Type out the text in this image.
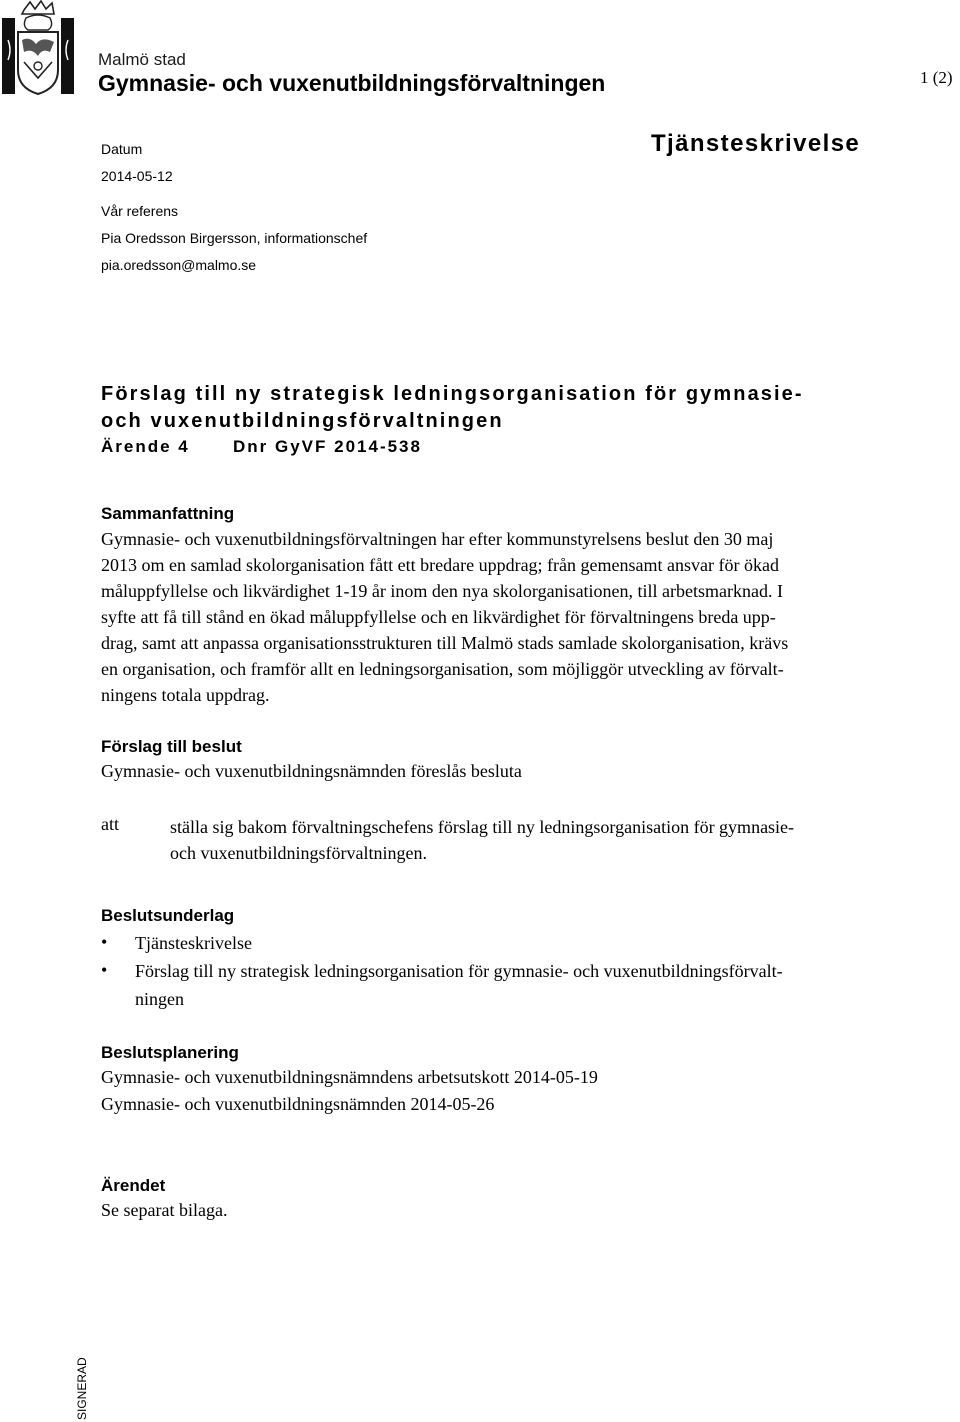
Malmö stad
Gymnasie- och vuxenutbildningsförvaltningen	1 (2)
Tjänsteskrivelse
Datum
2014-05-12
Vår referens
Pia Oredsson Birgersson, informationschef
pia.oredsson@malmo.se
Förslag till ny strategisk ledningsorganisation för gymnasie-
och vuxenutbildningsförvaltningen
Ärende 4	Dnr GyVF 2014-538
Sammanfattning
Gymnasie- och vuxenutbildningsförvaltningen har efter kommunstyrelsens beslut den 30 maj
2013 om en samlad skolorganisation fått ett bredare uppdrag; från gemensamt ansvar för ökad
måluppfyllelse och likvärdighet 1-19 år inom den nya skolorganisationen, till arbetsmarknad. I
syfte att få till stånd en ökad måluppfyllelse och en likvärdighet för förvaltningens breda upp-
drag, samt att anpassa organisationsstrukturen till Malmö stads samlade skolorganisation, krävs
en organisation, och framför allt en ledningsorganisation, som möjliggör utveckling av förvalt-
ningens totala uppdrag.
Förslag till beslut
Gymnasie- och vuxenutbildningsnämnden föreslås besluta
att	ställa sig bakom förvaltningschefens förslag till ny ledningsorganisation för gymnasie-
och vuxenutbildningsförvaltningen.
Beslutsunderlag
• Tjänsteskrivelse
• Förslag till ny strategisk ledningsorganisation för gymnasie- och vuxenutbildningsförvalt-
ningen
Beslutsplanering
Gymnasie- och vuxenutbildningsnämndens arbetsutskott 2014-05-19
Gymnasie- och vuxenutbildningsnämnden 2014-05-26
Ärendet
Se separat bilaga.
SIGNERAD
